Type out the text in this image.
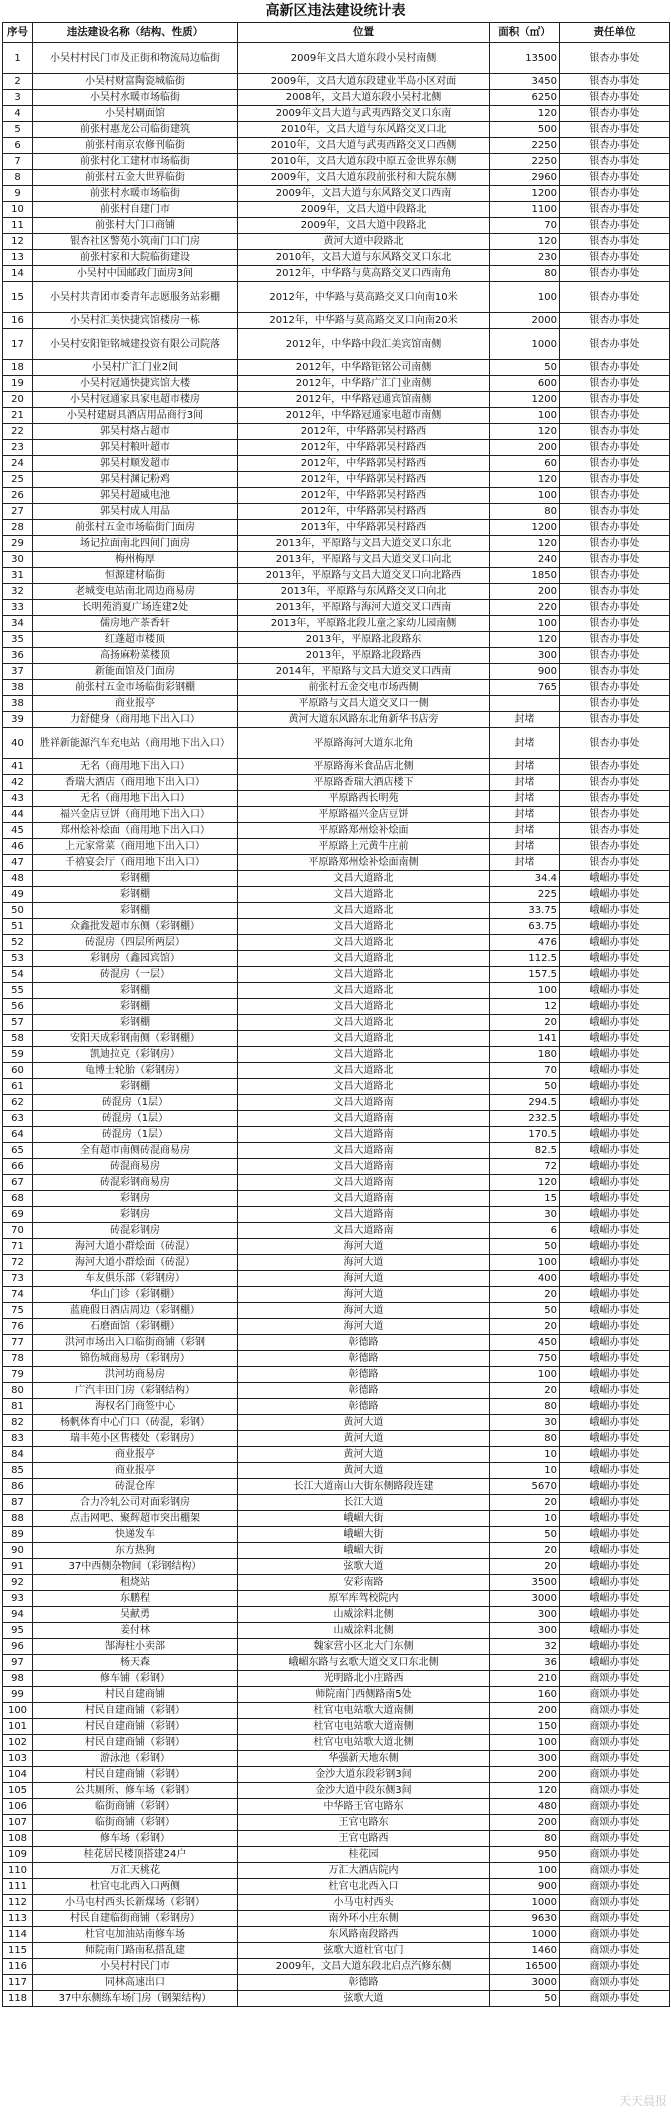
高新区违法建设统计表
序号	违法建设名称（结构、性质）	位置	面积（㎡）	责任单位
1	小吴村村民门市及正街和物流局边临街	2009年文昌大道东段小吴村南侧	13500	银杏办事处
2	小吴村财富陶瓷城临街	2009年，文昌大道东段建业半岛小区对面	3450	银杏办事处
3	小吴村水暖市场临街	2008年，文昌大道东段小吴村北侧	6250	银杏办事处
4	小吴村刷面馆	2009年文昌大道与武夷西路交叉口东南	120	银杏办事处
5	前张村惠龙公司临街建筑	2010年，文昌大道与东风路交叉口北	500	银杏办事处
6	前张村南京农修刊临街	2010年，文昌大道与武夷西路交叉口西侧	2250	银杏办事处
7	前张村化工建材市场临街	2010年，文昌大道东段中原五金世界东侧	2250	银杏办事处
8	前张村五金大世界临街	2009年，文昌大道东段前张村和大院东侧	2960	银杏办事处
9	前张村水暖市场临街	2009年，文昌大道与东风路交叉口西南	1200	银杏办事处
10	前张村自建门市	2009年，文昌大道中段路北	1100	银杏办事处
11	前张村大门口商铺	2009年，文昌大道中段路北	70	银杏办事处
12	银杏社区警苑小筑南门口门房	黄河大道中段路北	120	银杏办事处
13	前张村家和大院临街建设	2010年，文昌大道与东风路交叉口东北	230	银杏办事处
14	小吴村中国邮政门面房3间	2012年，中华路与莫高路交叉口西南角	80	银杏办事处
15	小吴村共青团市委青年志愿服务站彩棚	2012年，中华路与莫高路交叉口向南10米	100	银杏办事处
16	小吴村汇美快捷宾馆楼房一栋	2012年，中华路与莫高路交叉口向南20米	2000	银杏办事处
17	小吴村安阳钜铭城建投资有限公司院落	2012年，中华路中段汇美宾馆南侧	1000	银杏办事处
18	小吴村广汇门业2间	2012年，中华路钜铭公司南侧	50	银杏办事处
19	小吴村冠通快捷宾馆大楼	2012年，中华路广汇门业南侧	600	银杏办事处
20	小吴村冠通家具家电超市楼房	2012年，中华路冠通宾馆南侧	1200	银杏办事处
21	小吴村建厨具酒店用品商行3间	2012年，中华路冠通家电超市南侧	100	银杏办事处
22	郭吴村烙占超市	2012年，中华路郭吴村路西	120	银杏办事处
23	郭吴村粮叶超市	2012年，中华路郭吴村路西	200	银杏办事处
24	郭吴村顺发超市	2012年，中华路郭吴村路西	60	银杏办事处
25	郭吴村渊记粉鸡	2012年，中华路郭吴村路西	120	银杏办事处
26	郭吴村超威电池	2012年，中华路郭吴村路西	100	银杏办事处
27	郭吴村成人用品	2012年，中华路郭吴村路西	80	银杏办事处
28	前张村五金市场临街门面房	2013年，中华路郭吴村路西	1200	银杏办事处
29	场记拉面南北四间门面房	2013年，平原路与文昌大道交叉口东北	120	银杏办事处
30	梅州梅厚	2013年，平原路与文昌大道交叉口向北	240	银杏办事处
31	恒源建材临街	2013年，平原路与文昌大道交叉口向北路西	1850	银杏办事处
32	老城变电站南北周边商易房	2013年，平原路与东风路交叉口向北	200	银杏办事处
33	长明苑消夏广场连建2处	2013年，平原路与海河大道交叉口西南	220	银杏办事处
34	儒房地产茶香轩	2013年，平原路北段儿童之家幼儿园南侧	100	银杏办事处
35	红蓬超市楼顶	2013年，平原路北段路东	120	银杏办事处
36	高扬麻粉菜楼顶	2013年，平原路北段路西	300	银杏办事处
37	新能面馆及门面房	2014年，平原路与文昌大道交叉口西南	900	银杏办事处
38	前张村五金市场临街彩钢棚	前张村五金交电市场西侧	765	银杏办事处
38	商业报亭	平原路与文昌大道交叉口一侧		银杏办事处
39	力舒健身（商用地下出入口）	黄河大道东风路东北角新华书店旁	封堵	银杏办事处
40	胜祥新能源汽车充电站（商用地下出入口）	平原路海河大道东北角	封堵	银杏办事处
41	无名（商用地下出入口）	平原路海米食品店北侧	封堵	银杏办事处
42	香瑞大酒店（商用地下出入口）	平原路香瑞大酒店楼下	封堵	银杏办事处
43	无名（商用地下出入口）	平原路西长明苑	封堵	银杏办事处
44	福兴金店豆饼（商用地下出入口）	平原路福兴金店豆饼	封堵	银杏办事处
45	郑州烩补烩面（商用地下出入口）	平原路郑州烩补烩面	封堵	银杏办事处
46	上元家常菜（商用地下出入口）	平原路上元黄牛庄前	封堵	银杏办事处
47	千禧宴会厅（商用地下出入口）	平原路郑州烩补烩面南侧	封堵	银杏办事处
48	彩钢棚	文昌大道路北	34.4	峨嵋办事处
49	彩钢棚	文昌大道路北	225	峨嵋办事处
50	彩钢棚	文昌大道路北	33.75	峨嵋办事处
51	众鑫批发超市东侧（彩钢棚）	文昌大道路北	63.75	峨嵋办事处
52	砖混房（四层所两层）	文昌大道路北	476	峨嵋办事处
53	彩钢房（鑫园宾馆）	文昌大道路北	112.5	峨嵋办事处
54	砖混房（一层）	文昌大道路北	157.5	峨嵋办事处
55	彩钢棚	文昌大道路北	100	峨嵋办事处
56	彩钢棚	文昌大道路北	12	峨嵋办事处
57	彩钢棚	文昌大道路北	20	峨嵋办事处
58	安阳天成彩钢南侧（彩钢棚）	文昌大道路北	141	峨嵋办事处
59	凯迪拉克（彩钢房）	文昌大道路北	180	峨嵋办事处
60	龟博士轮胎（彩钢房）	文昌大道路北	70	峨嵋办事处
61	彩钢棚	文昌大道路北	50	峨嵋办事处
62	砖混房（1层）	文昌大道路南	294.5	峨嵋办事处
63	砖混房（1层）	文昌大道路南	232.5	峨嵋办事处
64	砖混房（1层）	文昌大道路南	170.5	峨嵋办事处
65	全有超市南侧砖混商易房	文昌大道路南	82.5	峨嵋办事处
66	砖混商易房	文昌大道路南	72	峨嵋办事处
67	砖混彩钢商易房	文昌大道路南	120	峨嵋办事处
68	彩钢房	文昌大道路南	15	峨嵋办事处
69	彩钢房	文昌大道路南	30	峨嵋办事处
70	砖混彩钢房	文昌大道路南	6	峨嵋办事处
71	海河大道小群烩面（砖混）	海河大道	50	峨嵋办事处
72	海河大道小群烩面（砖混）	海河大道	100	峨嵋办事处
73	车友俱乐部（彩钢房）	海河大道	400	峨嵋办事处
74	华山门诊（彩钢棚）	海河大道	20	峨嵋办事处
75	蓝鹿假日酒店周边（彩钢棚）	海河大道	50	峨嵋办事处
76	石磨面馆（彩钢棚）	海河大道	20	峨嵋办事处
77	洪河市场出入口临街商铺（彩钢	彰德路	450	峨嵋办事处
78	锦伤城商易房（彩钢房）	彰德路	750	峨嵋办事处
79	洪河坊商易房	彰德路	100	峨嵋办事处
80	广汽丰田门房（彩钢结构）	彰德路	20	峨嵋办事处
81	海权名门商签中心	彰德路	80	峨嵋办事处
82	杨帆体育中心门口（砖混，彩钢）	黄河大道	30	峨嵋办事处
83	瑞丰苑小区售楼处（彩钢房）	黄河大道	80	峨嵋办事处
84	商业报亭	黄河大道	10	峨嵋办事处
85	商业报亭	黄河大道	10	峨嵋办事处
86	砖混仓库	长江大道南山大街东侧路段连建	5670	峨嵋办事处
87	合力冷轧公司对面彩钢房	长江大道	20	峨嵋办事处
88	点击网吧、聚辉超市突出棚架	峨嵋大街	10	峨嵋办事处
89	快递发车	峨嵋大街	50	峨嵋办事处
90	东方热狗	峨嵋大街	20	峨嵋办事处
91	37中西侧杂物间（彩钢结构）	弦歌大道	20	峨嵋办事处
92	租烧站	安彩南路	3500	峨嵋办事处
93	东鹏程	原军库驾校院内	3000	峨嵋办事处
94	吴献勇	山威涂料北侧	300	峨嵋办事处
95	姜付林	山威涂料北侧	300	峨嵋办事处
96	郜海柱小卖部	魏家营小区北大门东侧	32	峨嵋办事处
97	杨天森	峨嵋东路与玄歌大道交叉口东北侧	36	峨嵋办事处
98	修车铺（彩钢）	光明路北小庄路西	210	商颂办事处
99	村民自建商铺	师院南门西侧路南5处	160	商颂办事处
100	村民自建商铺（彩钢）	杜官屯电站歌大道南侧	200	商颂办事处
101	村民自建商铺（彩钢）	杜官屯电站歌大道南侧	150	商颂办事处
102	村民自建商铺（彩钢）	杜官屯电站歌大道北侧	100	商颂办事处
103	游泳池（彩钢）	华强新天地东侧	300	商颂办事处
104	村民自建商铺（彩钢）	金沙大道东段彩钢3间	200	商颂办事处
105	公共厕所、修车场（彩钢）	金沙大道中段东侧3间	120	商颂办事处
106	临街商铺（彩钢）	中华路王官屯路东	480	商颂办事处
107	临街商铺（彩钢）	王官屯路东	200	商颂办事处
108	修车场（彩钢）	王官屯路西	80	商颂办事处
109	桂花居民楼顶搭建24户	桂花园	950	商颂办事处
110	万汇天桃花	万汇大酒店院内	100	商颂办事处
111	杜官屯北西入口两侧	杜官屯北西入口	900	商颂办事处
112	小马屯村西头长新煤场（彩钢）	小马屯村西头	1000	商颂办事处
113	村民自建临街商铺（彩钢房）	南外环小庄东侧	9630	商颂办事处
114	杜官屯加油站南修车场	东风路南段路西	1000	商颂办事处
115	师院南门路南私搭乱建	弦歌大道杜官屯门	1460	商颂办事处
116	小吴村村民门市	2009年，文昌大道东段北启点汽修东侧	16500	商颂办事处
117	同林高速出口	彰德路	3000	商颂办事处
118	37中东侧练车场门房（钢架结构）	弦歌大道	50	商颂办事处
天天晨报
